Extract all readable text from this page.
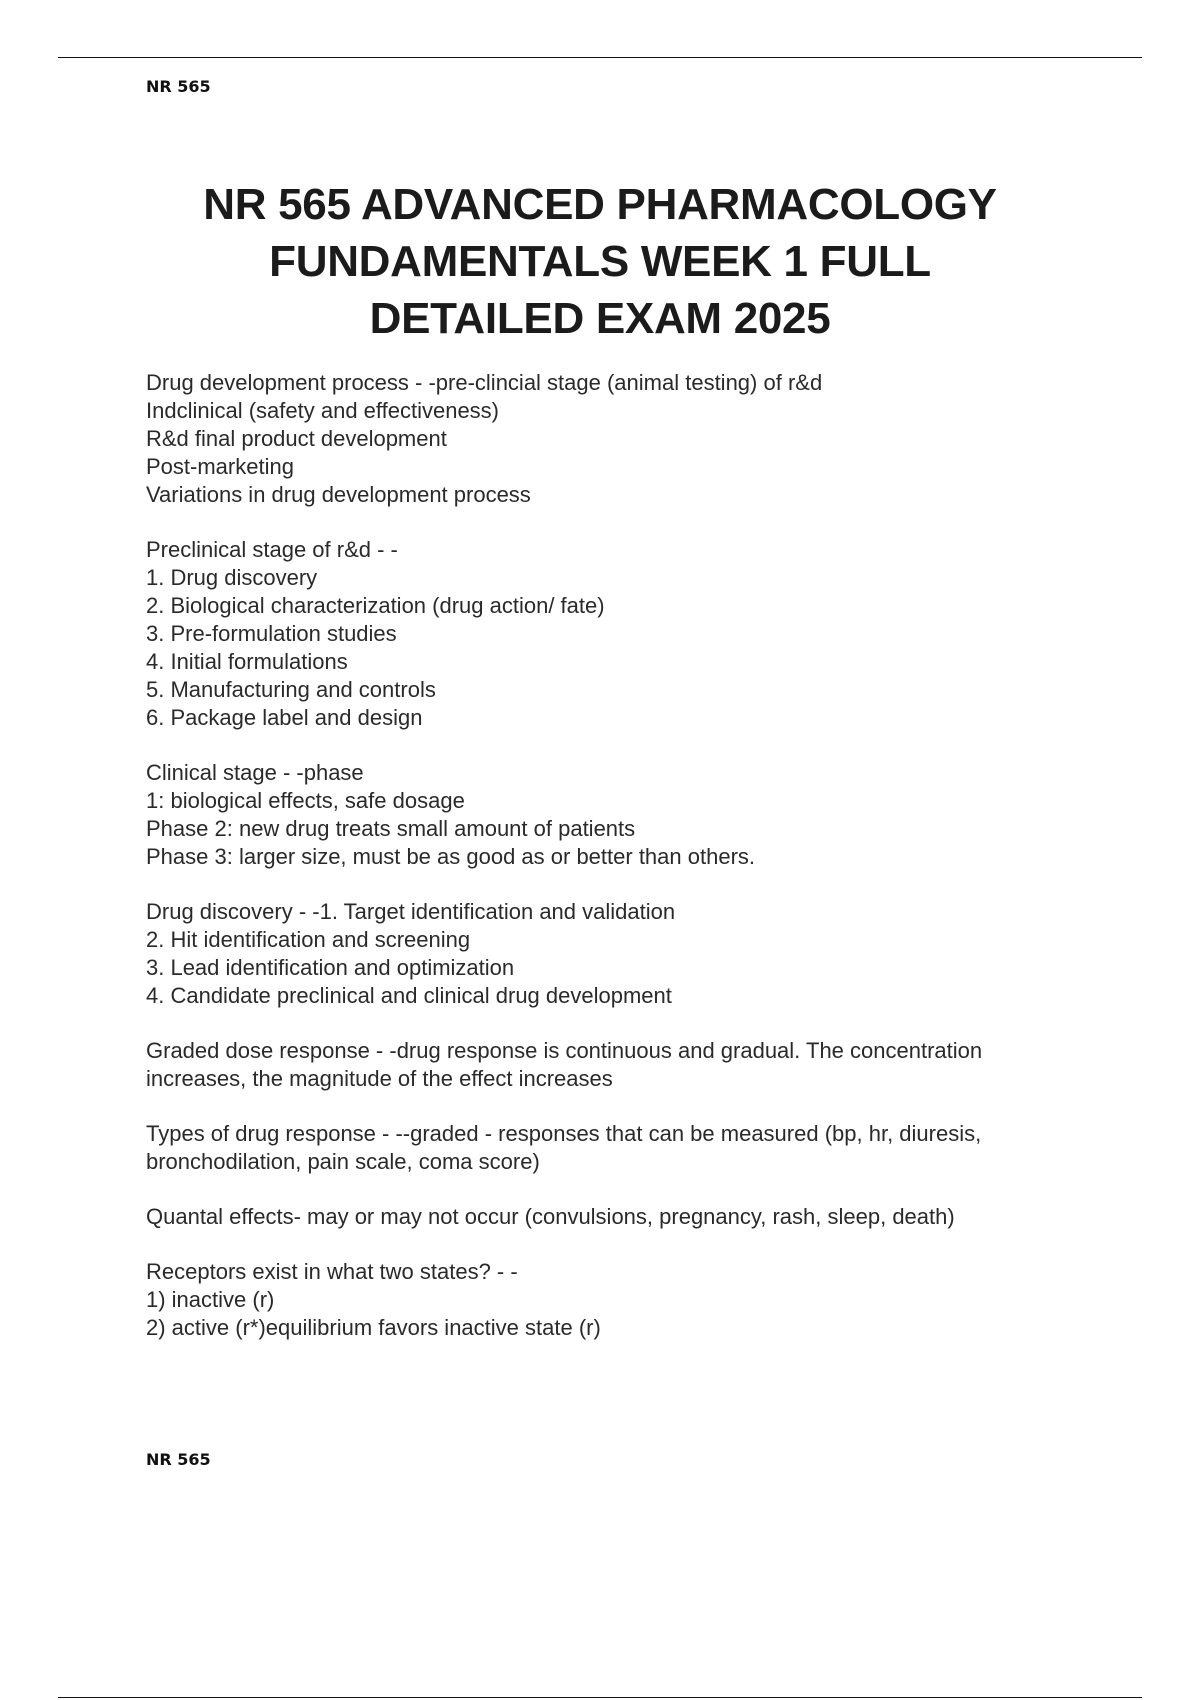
NR 565
NR 565 ADVANCED PHARMACOLOGY
FUNDAMENTALS WEEK 1 FULL
DETAILED EXAM 2025
Drug development process - -pre-clincial stage (animal testing) of r&d
Indclinical (safety and effectiveness)
R&d final product development
Post-marketing
Variations in drug development process
Preclinical stage of r&d - -
1. Drug discovery
2. Biological characterization (drug action/ fate)
3. Pre-formulation studies
4. Initial formulations
5. Manufacturing and controls
6. Package label and design
Clinical stage - -phase
1: biological effects, safe dosage
Phase 2: new drug treats small amount of patients
Phase 3: larger size, must be as good as or better than others.
Drug discovery - -1. Target identification and validation
2. Hit identification and screening
3. Lead identification and optimization
4. Candidate preclinical and clinical drug development
Graded dose response - -drug response is continuous and gradual. The concentration
increases, the magnitude of the effect increases
Types of drug response - --graded - responses that can be measured (bp, hr, diuresis,
bronchodilation, pain scale, coma score)
Quantal effects- may or may not occur (convulsions, pregnancy, rash, sleep, death)
Receptors exist in what two states? - -
1) inactive (r)
2) active (r*)equilibrium favors inactive state (r)
NR 565
